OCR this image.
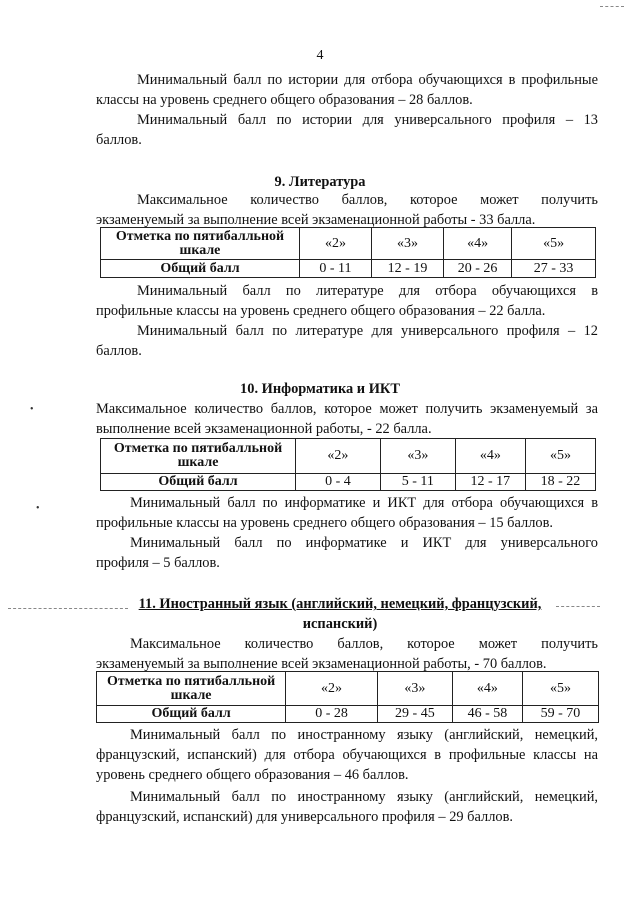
4
Минимальный балл по истории для отбора обучающихся в профильные
классы на уровень среднего общего образования – 28 баллов.
Минимальный балл по истории для универсального профиля – 13
баллов.
9. Литература
Максимальное количество баллов, которое может получить
экзаменуемый за выполнение всей экзаменационной работы - 33 балла.
Отметка по пятибалльной шкале	«2»	«3»	«4»	«5»
Общий балл	0 - 11	12 - 19	20 - 26	27 - 33
Минимальный балл по литературе для отбора обучающихся в
профильные классы на уровень среднего общего образования – 22 балла.
Минимальный балл по литературе для универсального профиля – 12
баллов.
10. Информатика и ИКТ
Максимальное количество баллов, которое может получить экзаменуемый за
выполнение всей экзаменационной работы, - 22 балла.
Отметка по пятибалльной шкале	«2»	«3»	«4»	«5»
Общий балл	0 - 4	5 - 11	12 - 17	18 - 22
Минимальный балл по информатике и ИКТ для отбора обучающихся в
профильные классы на уровень среднего общего образования – 15 баллов.
Минимальный балл по информатике и ИКТ для универсального
профиля – 5 баллов.
11. Иностранный язык (английский, немецкий, французский,
испанский)
Максимальное количество баллов, которое может получить
экзаменуемый за выполнение всей экзаменационной работы, - 70 баллов.
Отметка по пятибалльной шкале	«2»	«3»	«4»	«5»
Общий балл	0 - 28	29 - 45	46 - 58	59 - 70
Минимальный балл по иностранному языку (английский, немецкий,
французский, испанский) для отбора обучающихся в профильные классы на
уровень среднего общего образования – 46 баллов.
Минимальный балл по иностранному языку (английский, немецкий,
французский, испанский) для универсального профиля – 29 баллов.
•
•
